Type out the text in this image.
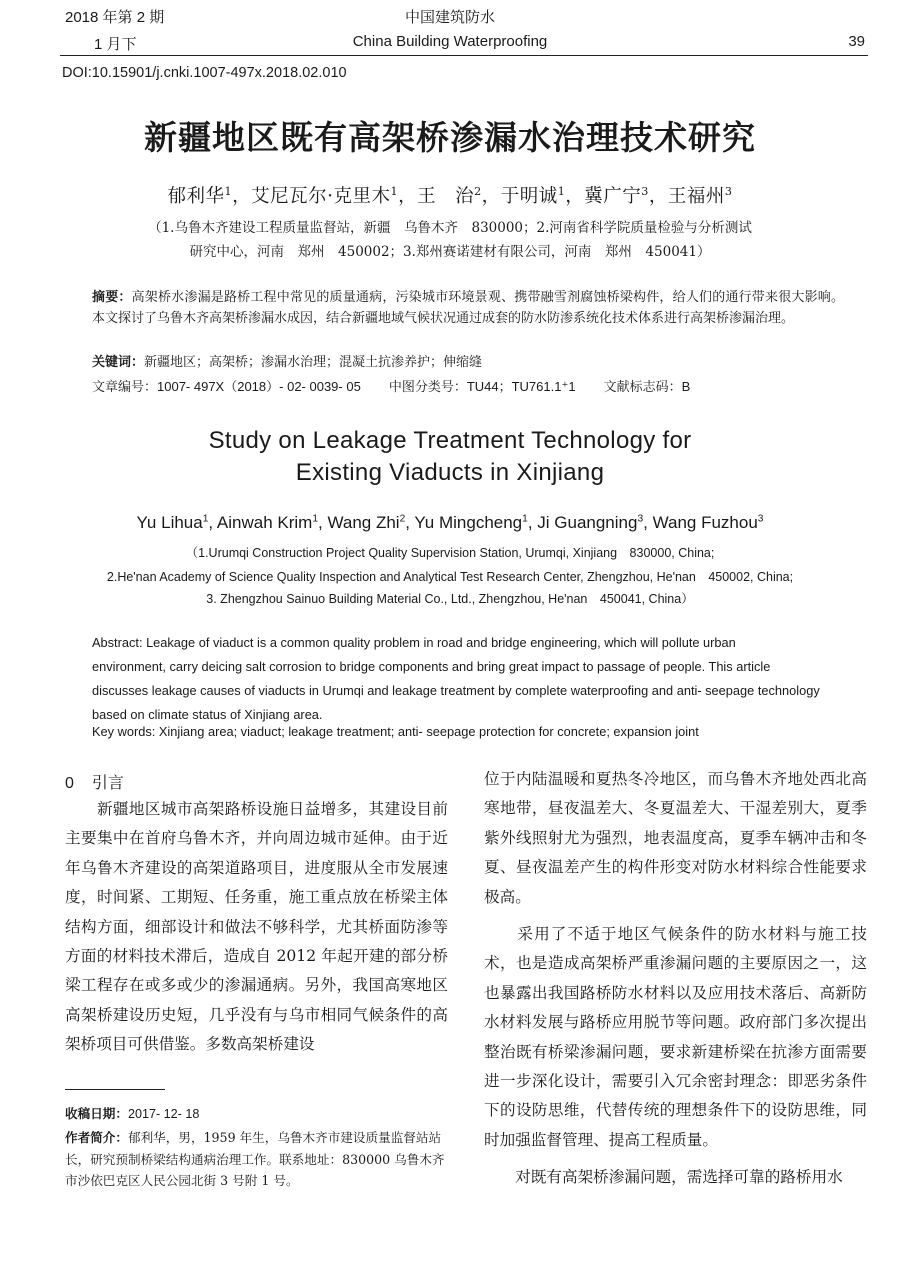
2018 年第 2 期	中国建筑防水
1 月下	China Building Waterproofing	39
DOI:10.15901/j.cnki.1007-497x.2018.02.010
新疆地区既有高架桥渗漏水治理技术研究
郁利华$^1$，艾尼瓦尔·克里木$^1$，王　治$^2$，于明诚$^1$，冀广宁$^3$，王福州$^3$
（1.乌鲁木齐建设工程质量监督站，新疆　乌鲁木齐　830000；2.河南省科学院质量检验与分析测试
研究中心，河南　郑州　450002；3.郑州赛诺建材有限公司，河南　郑州　450041）
摘要：高架桥水渗漏是路桥工程中常见的质量通病，污染城市环境景观、携带融雪剂腐蚀桥梁构件，给人们的通行带来很大影响。本文探讨了乌鲁木齐高架桥渗漏水成因，结合新疆地域气候状况通过成套的防水防渗系统化技术体系进行高架桥渗漏治理。
关键词：新疆地区；高架桥；渗漏水治理；混凝土抗渗养护；伸缩缝
文章编号：1007- 497X（2018）- 02- 0039- 05 中图分类号：TU44；TU761.1⁺1 文献标志码：B
Study on Leakage Treatment Technology for
Existing Viaducts in Xinjiang
Yu Lihua$^1$, Ainwah Krim$^1$, Wang Zhi$^2$, Yu Mingcheng$^1$, Ji Guangning$^3$, Wang Fuzhou$^3$
（1.Urumqi Construction Project Quality Supervision Station, Urumqi, Xinjiang　830000, China;
2.He'nan Academy of Science Quality Inspection and Analytical Test Research Center, Zhengzhou, He'nan　450002, China;
3. Zhengzhou Sainuo Building Material Co., Ltd., Zhengzhou, He'nan　450041, China）
Abstract: Leakage of viaduct is a common quality problem in road and bridge engineering, which will pollute urban
environment, carry deicing salt corrosion to bridge components and bring great impact to passage of people. This article
discusses leakage causes of viaducts in Urumqi and leakage treatment by complete waterproofing and anti- seepage technology
based on climate status of Xinjiang area.
Key words: Xinjiang area; viaduct; leakage treatment; anti- seepage protection for concrete; expansion joint
0 引言
　　新疆地区城市高架路桥设施日益增多，其建设目前主要集中在首府乌鲁木齐，并向周边城市延伸。由于近年乌鲁木齐建设的高架道路项目，进度服从全市发展速度，时间紧、工期短、任务重，施工重点放在桥梁主体结构方面，细部设计和做法不够科学，尤其桥面防渗等方面的材料技术滞后，造成自 2012 年起开建的部分桥梁工程存在或多或少的渗漏通病。另外，我国高寒地区高架桥建设历史短，几乎没有与乌市相同气候条件的高架桥项目可供借鉴。多数高架桥建设
位于内陆温暖和夏热冬冷地区，而乌鲁木齐地处西北高寒地带，昼夜温差大、冬夏温差大、干湿差别大，夏季紫外线照射尤为强烈，地表温度高，夏季车辆冲击和冬夏、昼夜温差产生的构件形变对防水材料综合性能要求极高。
　　采用了不适于地区气候条件的防水材料与施工技术，也是造成高架桥严重渗漏问题的主要原因之一，这也暴露出我国路桥防水材料以及应用技术落后、高新防水材料发展与路桥应用脱节等问题。政府部门多次提出整治既有桥梁渗漏问题，要求新建桥梁在抗渗方面需要进一步深化设计，需要引入冗余密封理念：即恶劣条件下的设防思维，代替传统的理想条件下的设防思维，同时加强监督管理、提高工程质量。
　　对既有高架桥渗漏问题，需选择可靠的路桥用水
收稿日期：2017- 12- 18
作者简介：郁利华，男，1959 年生，乌鲁木齐市建设质量监督站站长，研究预制桥梁结构通病治理工作。联系地址：830000 乌鲁木齐市沙依巴克区人民公园北街 3 号附 1 号。
